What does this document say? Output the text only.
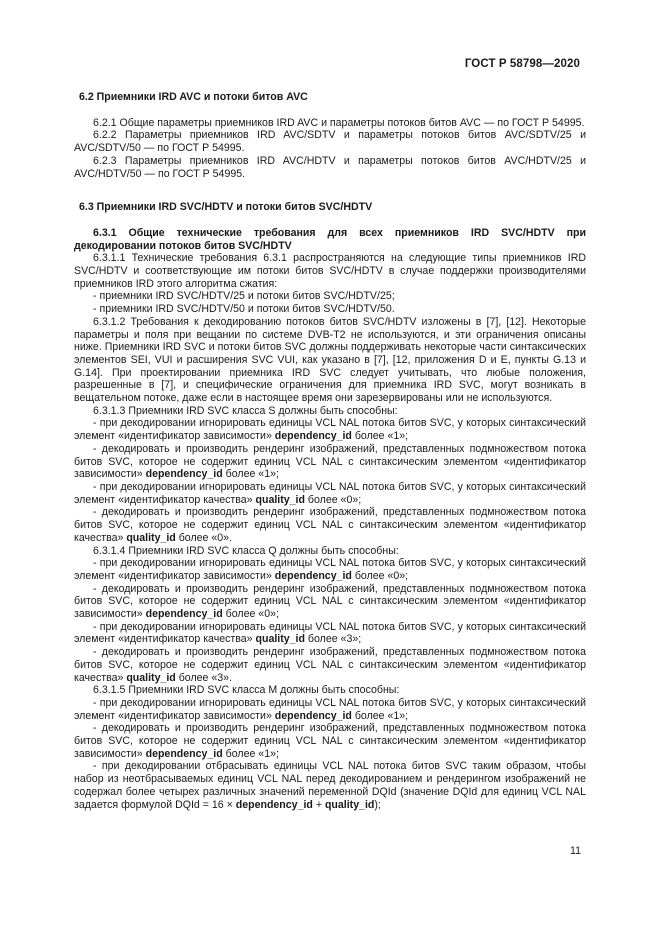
ГОСТ Р 58798—2020
6.2 Приемники IRD AVC и потоки битов AVC

6.2.1 Общие параметры приемников IRD AVC и параметры потоков битов AVC — по ГОСТ Р 54995.

6.2.2 Параметры приемников IRD AVC/SDTV и параметры потоков битов AVC/SDTV/25 и AVC/SDTV/50 — по ГОСТ Р 54995.

6.2.3 Параметры приемников IRD AVC/HDTV и параметры потоков битов AVC/HDTV/25 и AVC/HDTV/50 — по ГОСТ Р 54995.

6.3 Приемники IRD SVC/HDTV и потоки битов SVC/HDTV
6.3.1 Общие технические требования для всех приемников IRD SVC/HDTV при декодировании потоков битов SVC/HDTV

6.3.1.1 Технические требования 6.3.1 распространяются на следующие типы приемников IRD SVC/HDTV и соответствующие им потоки битов SVC/HDTV в случае поддержки производителями приемников IRD этого алгоритма сжатия:

- приемники IRD SVC/HDTV/25 и потоки битов SVC/HDTV/25;

- приемники IRD SVC/HDTV/50 и потоки битов SVC/HDTV/50.

6.3.1.2 Требования к декодированию потоков битов SVC/HDTV изложены в [7], [12]. Некоторые параметры и поля при вещании по системе DVB-T2 не используются, и эти ограничения описаны ниже. Приемники IRD SVC и потоки битов SVC должны поддерживать некоторые части синтаксических элементов SEI, VUI и расширения SVC VUI, как указано в [7], [12, приложения D и E, пункты G.13 и G.14]. При проектировании приемника IRD SVC следует учитывать, что любые положения, разрешенные в [7], и специфические ограничения для приемника IRD SVC, могут возникать в вещательном потоке, даже если в настоящее время они зарезервированы или не используются.

6.3.1.3 Приемники IRD SVC класса S должны быть способны:

- при декодировании игнорировать единицы VCL NAL потока битов SVC, у которых синтаксический элемент «идентификатор зависимости» dependency_id более «1»;

- декодировать и производить рендеринг изображений, представленных подмножеством потока битов SVC, которое не содержит единиц VCL NAL с синтаксическим элементом «идентификатор зависимости» dependency_id более «1»;

- при декодировании игнорировать единицы VCL NAL потока битов SVC, у которых синтаксический элемент «идентификатор качества» quality_id более «0»;

- декодировать и производить рендеринг изображений, представленных подмножеством потока битов SVC, которое не содержит единиц VCL NAL с синтаксическим элементом «идентификатор качества» quality_id более «0».

6.3.1.4 Приемники IRD SVC класса Q должны быть способны:

- при декодировании игнорировать единицы VCL NAL потока битов SVC, у которых синтаксический элемент «идентификатор зависимости» dependency_id более «0»;

- декодировать и производить рендеринг изображений, представленных подмножеством потока битов SVC, которое не содержит единиц VCL NAL с синтаксическим элементом «идентификатор зависимости» dependency_id более «0»;

- при декодировании игнорировать единицы VCL NAL потока битов SVC, у которых синтаксический элемент «идентификатор качества» quality_id более «3»;

- декодировать и производить рендеринг изображений, представленных подмножеством потока битов SVC, которое не содержит единиц VCL NAL с синтаксическим элементом «идентификатор качества» quality_id более «3».

6.3.1.5 Приемники IRD SVC класса M должны быть способны:

- при декодировании игнорировать единицы VCL NAL потока битов SVC, у которых синтаксический элемент «идентификатор зависимости» dependency_id более «1»;

- декодировать и производить рендеринг изображений, представленных подмножеством потока битов SVC, которое не содержит единиц VCL NAL с синтаксическим элементом «идентификатор зависимости» dependency_id более «1»;

- при декодировании отбрасывать единицы VCL NAL потока битов SVC таким образом, чтобы набор из неотбрасываемых единиц VCL NAL перед декодированием и рендерингом изображений не содержал более четырех различных значений переменной DQId (значение DQId для единиц VCL NAL задается формулой DQId = 16 × dependency_id + quality_id);

11
